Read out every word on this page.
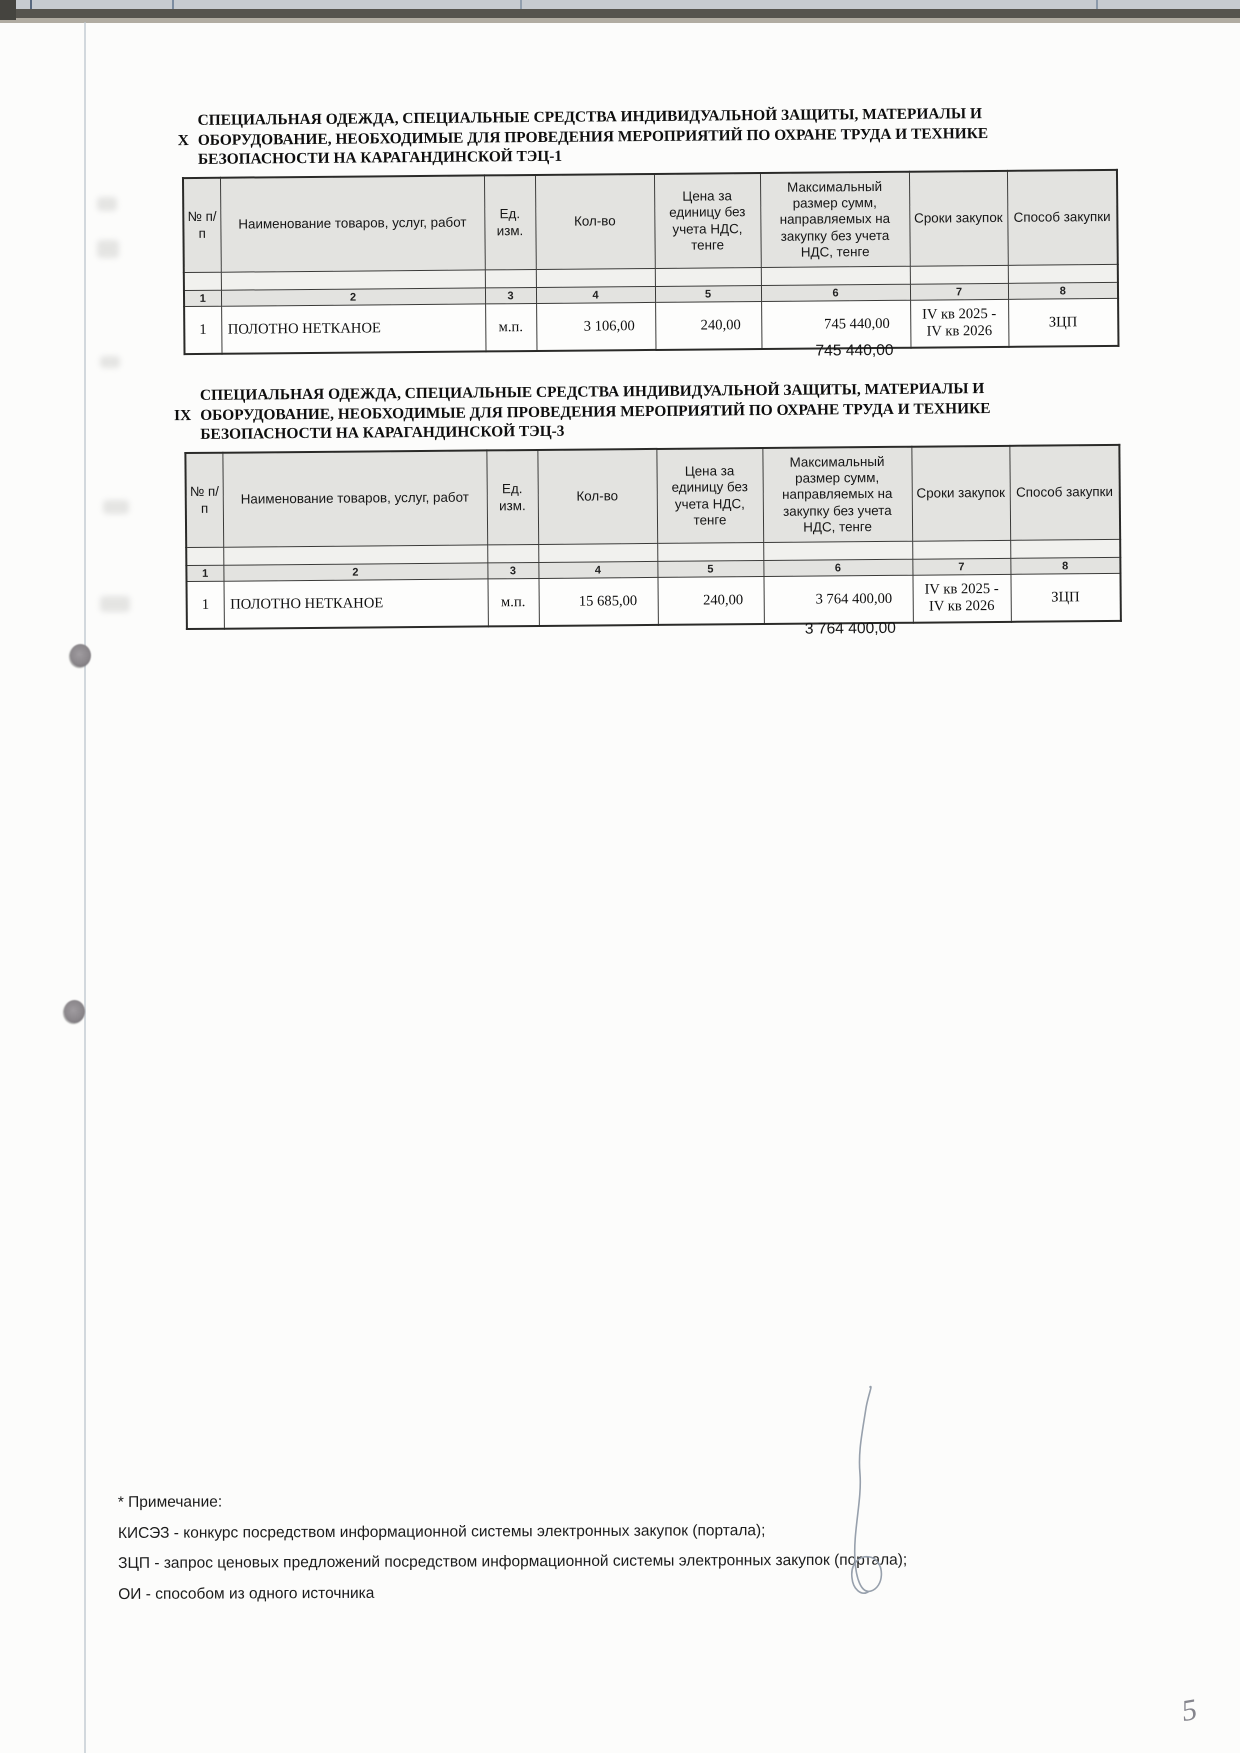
X
СПЕЦИАЛЬНАЯ ОДЕЖДА, СПЕЦИАЛЬНЫЕ СРЕДСТВА ИНДИВИДУАЛЬНОЙ ЗАЩИТЫ, МАТЕРИАЛЫ И ОБОРУДОВАНИЕ, НЕОБХОДИМЫЕ ДЛЯ ПРОВЕДЕНИЯ МЕРОПРИЯТИЙ ПО ОХРАНЕ ТРУДА И ТЕХНИКЕ БЕЗОПАСНОСТИ НА КАРАГАНДИНСКОЙ ТЭЦ-1
№ п/п	Наименование товаров, услуг, работ	Ед. изм.	Кол-во	Цена за единицу без учета НДС, тенге	Максимальный размер сумм, направляемых на закупку без учета НДС, тенге	Сроки закупок	Способ закупки

1	2	3	4	5	6	7	8
1	ПОЛОТНО НЕТКАНОЕ	м.п.	3 106,00	240,00	745 440,00	IV кв 2025 - IV кв 2026	ЗЦП
745 440,00
IX
СПЕЦИАЛЬНАЯ ОДЕЖДА, СПЕЦИАЛЬНЫЕ СРЕДСТВА ИНДИВИДУАЛЬНОЙ ЗАЩИТЫ, МАТЕРИАЛЫ И ОБОРУДОВАНИЕ, НЕОБХОДИМЫЕ ДЛЯ ПРОВЕДЕНИЯ МЕРОПРИЯТИЙ ПО ОХРАНЕ ТРУДА И ТЕХНИКЕ БЕЗОПАСНОСТИ НА КАРАГАНДИНСКОЙ ТЭЦ-3
№ п/п	Наименование товаров, услуг, работ	Ед. изм.	Кол-во	Цена за единицу без учета НДС, тенге	Максимальный размер сумм, направляемых на закупку без учета НДС, тенге	Сроки закупок	Способ закупки

1	2	3	4	5	6	7	8
1	ПОЛОТНО НЕТКАНОЕ	м.п.	15 685,00	240,00	3 764 400,00	IV кв 2025 - IV кв 2026	ЗЦП
3 764 400,00
* Примечание:
КИСЭЗ - конкурс посредством информационной системы электронных закупок (портала);
ЗЦП - запрос ценовых предложений посредством информационной системы электронных закупок (портала);
ОИ - способом из одного источника
5
